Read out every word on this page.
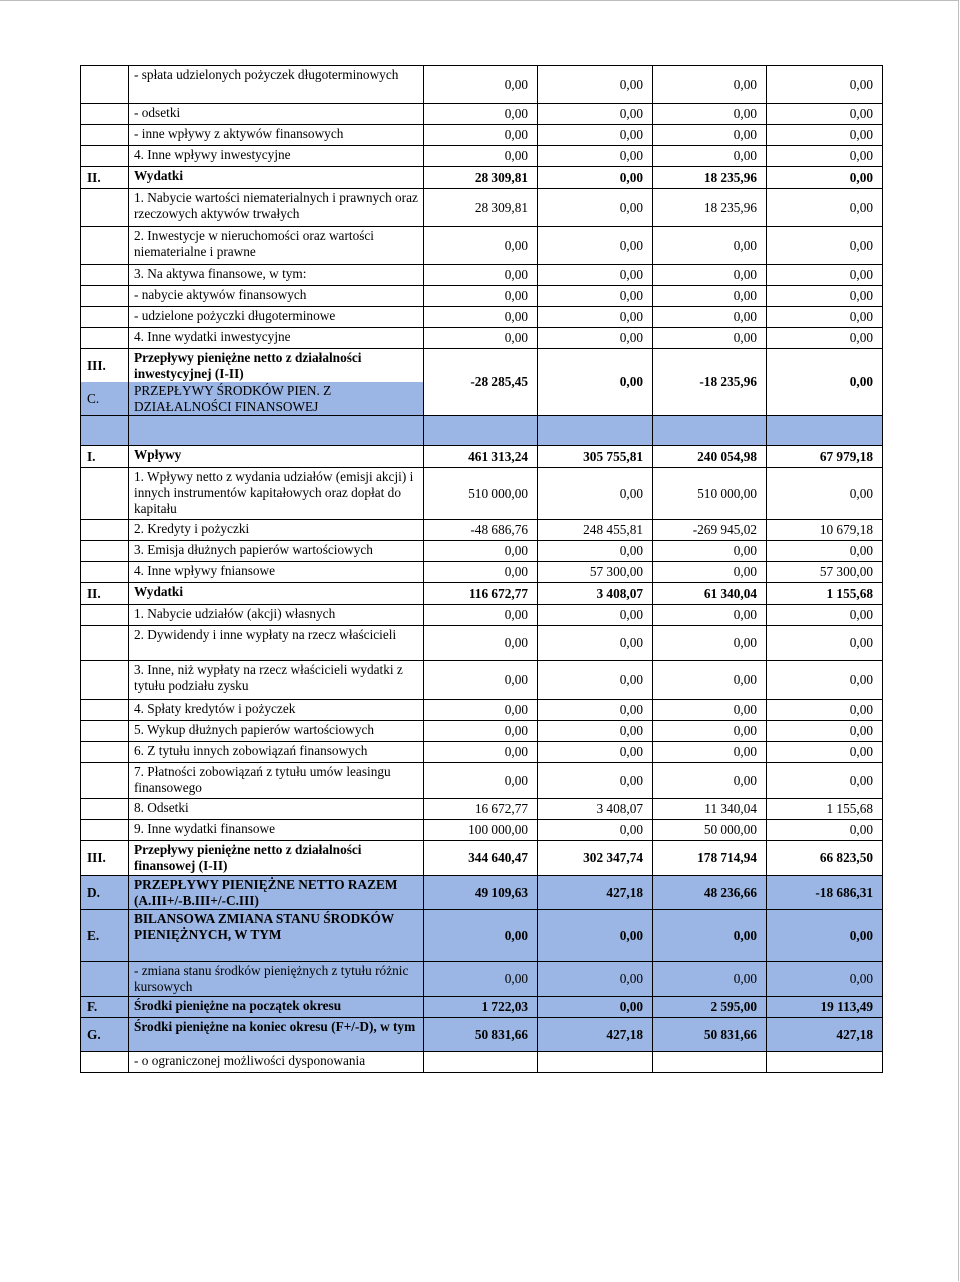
	- spłata udzielonych pożyczek długoterminowych	0,00	0,00	0,00	0,00
	- odsetki	0,00	0,00	0,00	0,00
	- inne wpływy z aktywów finansowych	0,00	0,00	0,00	0,00
	4. Inne wpływy inwestycyjne	0,00	0,00	0,00	0,00
II.	Wydatki	28 309,81	0,00	18 235,96	0,00
	1. Nabycie wartości niematerialnych i prawnych oraz rzeczowych aktywów trwałych	28 309,81	0,00	18 235,96	0,00
	2. Inwestycje w nieruchomości oraz wartości niematerialne i prawne	0,00	0,00	0,00	0,00
	3. Na aktywa finansowe, w tym:	0,00	0,00	0,00	0,00
	- nabycie aktywów finansowych	0,00	0,00	0,00	0,00
	- udzielone pożyczki długoterminowe	0,00	0,00	0,00	0,00
	4. Inne wydatki inwestycyjne	0,00	0,00	0,00	0,00
III.	Przepływy pieniężne netto z działalności inwestycyjnej (I-II)	-28 285,45	0,00	-18 235,96	0,00
C.	PRZEPŁYWY ŚRODKÓW PIEN. Z DZIAŁALNOŚCI FINANSOWEJ				

I.	Wpływy	461 313,24	305 755,81	240 054,98	67 979,18
	1. Wpływy netto z wydania udziałów (emisji akcji) i innych instrumentów kapitałowych oraz dopłat do kapitału	510 000,00	0,00	510 000,00	0,00
	2. Kredyty i pożyczki	-48 686,76	248 455,81	-269 945,02	10 679,18
	3. Emisja dłużnych papierów wartościowych	0,00	0,00	0,00	0,00
	4. Inne wpływy fniansowe	0,00	57 300,00	0,00	57 300,00
II.	Wydatki	116 672,77	3 408,07	61 340,04	1 155,68
	1. Nabycie udziałów (akcji) własnych	0,00	0,00	0,00	0,00
	2. Dywidendy i inne wypłaty na rzecz właścicieli	0,00	0,00	0,00	0,00
	3. Inne, niż wypłaty na rzecz właścicieli wydatki z tytułu podziału zysku	0,00	0,00	0,00	0,00
	4. Spłaty kredytów i pożyczek	0,00	0,00	0,00	0,00
	5. Wykup dłużnych papierów wartościowych	0,00	0,00	0,00	0,00
	6. Z tytułu innych zobowiązań finansowych	0,00	0,00	0,00	0,00
	7. Płatności zobowiązań z tytułu umów leasingu finansowego	0,00	0,00	0,00	0,00
	8. Odsetki	16 672,77	3 408,07	11 340,04	1 155,68
	9. Inne wydatki finansowe	100 000,00	0,00	50 000,00	0,00
III.	Przepływy pieniężne netto z działalności finansowej (I-II)	344 640,47	302 347,74	178 714,94	66 823,50
D.	PRZEPŁYWY PIENIĘŻNE NETTO RAZEM (A.III+/-B.III+/-C.III)	49 109,63	427,18	48 236,66	-18 686,31
E.	BILANSOWA ZMIANA STANU ŚRODKÓW PIENIĘŻNYCH, W TYM	0,00	0,00	0,00	0,00
	- zmiana stanu środków pieniężnych z tytułu różnic kursowych	0,00	0,00	0,00	0,00
F.	Środki pieniężne na początek okresu	1 722,03	0,00	2 595,00	19 113,49
G.	Środki pieniężne na koniec okresu (F+/-D), w tym	50 831,66	427,18	50 831,66	427,18
	- o ograniczonej możliwości dysponowania				
